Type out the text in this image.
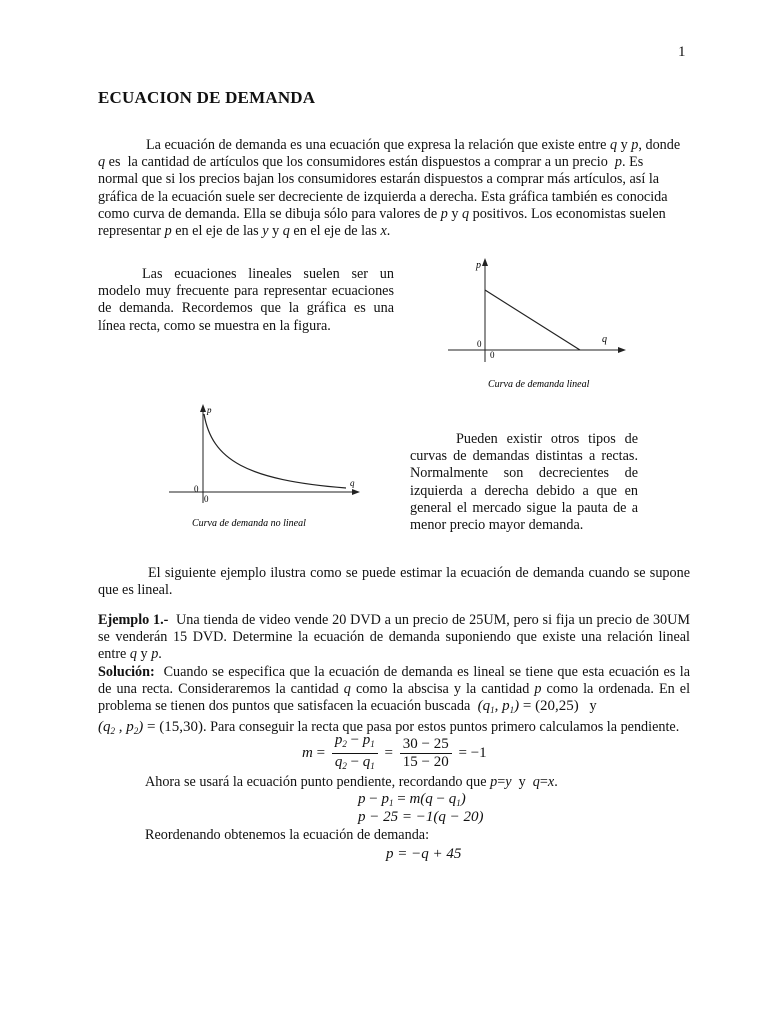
1
ECUACION DE DEMANDA
La ecuación de demanda es una ecuación que expresa la relación que existe entre q y p, donde
q es la cantidad de artículos que los consumidores están dispuestos a comprar a un precio p. Es
normal que si los precios bajan los consumidores estarán dispuestos a comprar más artículos, así la
gráfica de la ecuación suele ser decreciente de izquierda a derecha. Esta gráfica también es conocida
como curva de demanda. Ella se dibuja sólo para valores de p y q positivos. Los economistas suelen
representar p en el eje de las y y q en el eje de las x.
Las ecuaciones lineales suelen ser un modelo muy frecuente para representar ecuaciones de demanda. Recordemos que la gráfica es una línea recta, como se muestra en la figura.
p
q
0
0
Curva de demanda lineal
p
q
0
0
Curva de demanda no lineal
Pueden existir otros tipos de curvas de demandas distintas a rectas. Normalmente son decrecientes de izquierda a derecha debido a que en general el mercado sigue la pauta de a menor precio mayor demanda.
El siguiente ejemplo ilustra como se puede estimar la ecuación de demanda cuando se supone que es lineal.
Ejemplo 1.- Una tienda de video vende 20 DVD a un precio de 25UM, pero si fija un precio de 30UM se venderán 15 DVD. Determine la ecuación de demanda suponiendo que existe una relación lineal entre q y p.
Solución: Cuando se especifica que la ecuación de demanda es lineal se tiene que esta ecuación es la de una recta. Consideraremos la cantidad q como la abscisa y la cantidad p como la ordenada. En el problema se tienen dos puntos que satisfacen la ecuación buscada  ($q_1$, $p_1) = (20,25)$ y
($q_2$ , $p_2) = (15,30)$. Para conseguir la recta que pasa por estos puntos primero calculamos la pendiente.
$m = \frac{p_2 - p_1}{q_2 - q_1} = \frac{30 - 25}{15 - 20} = -1$
Ahora se usará la ecuación punto pendiente, recordando que p=y y q=x.
$p - p_1 = m(q - q_1)$
p − 25 = −1(q − 20)
Reordenando obtenemos la ecuación de demanda:
p = −q + 45
